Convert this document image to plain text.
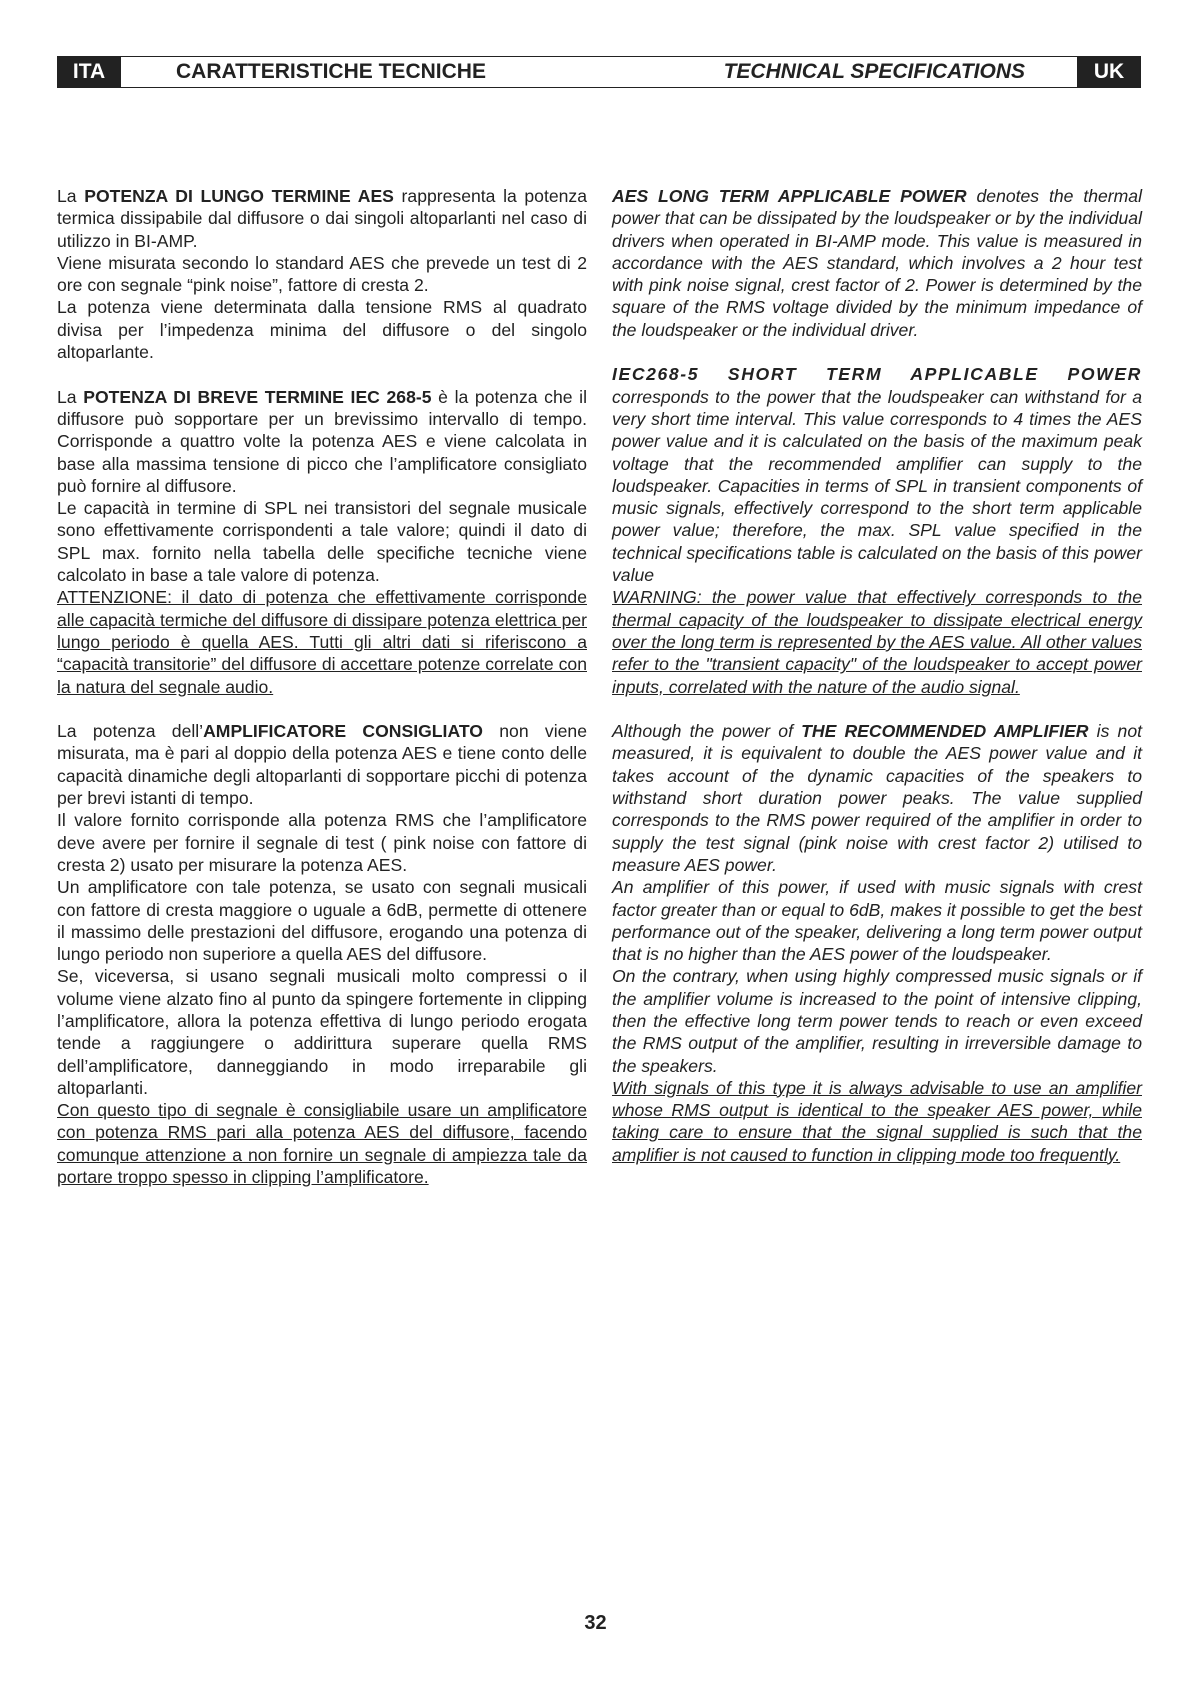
ITA	CARATTERISTICHE TECNICHE	TECHNICAL SPECIFICATIONS	UK

La POTENZA DI LUNGO TERMINE AES rappresenta la potenza termica dissipabile dal diffusore o dai singoli altoparlanti nel caso di utilizzo in BI-AMP.

Viene misurata secondo lo standard AES che prevede un test di 2 ore con segnale “pink noise”, fattore di cresta 2.

La potenza viene determinata dalla tensione RMS al quadrato divisa per l’impedenza minima del diffusore o del singolo altoparlante.

La POTENZA DI BREVE TERMINE IEC 268-5 è la potenza che il diffusore può sopportare per un brevissimo intervallo di tempo. Corrisponde a quattro volte la potenza AES e viene calcolata in base alla massima tensione di picco che l’amplificatore consigliato può fornire al diffusore.

Le capacità in termine di SPL nei transistori del segnale musicale sono effettivamente corrispondenti a tale valore; quindi il dato di SPL max. fornito nella tabella delle specifiche tecniche viene calcolato in base a tale valore di potenza.

ATTENZIONE: il dato di potenza che effettivamente corrisponde alle capacità termiche del diffusore di dissipare potenza elettrica per lungo periodo è quella AES. Tutti gli altri dati si riferiscono a “capacità transitorie” del diffusore di accettare potenze correlate con la natura del segnale audio.

La potenza dell’AMPLIFICATORE CONSIGLIATO non viene misurata, ma è pari al doppio della potenza AES e tiene conto delle capacità dinamiche degli altoparlanti di sopportare picchi di potenza per brevi istanti di tempo.

Il valore fornito corrisponde alla potenza RMS che l’amplificatore deve avere per fornire il segnale di test ( pink noise con fattore di cresta 2) usato per misurare la potenza AES.

Un amplificatore con tale potenza, se usato con segnali musicali con fattore di cresta maggiore o uguale a 6dB, permette di ottenere il massimo delle prestazioni del diffusore, erogando una potenza di lungo periodo non superiore a quella AES del diffusore.

Se, viceversa, si usano segnali musicali molto compressi o il volume viene alzato fino al punto da spingere fortemente in clipping l’amplificatore, allora la potenza effettiva di lungo periodo erogata tende a raggiungere o addirittura superare quella RMS dell’amplificatore, danneggiando in modo irreparabile gli altoparlanti.

Con questo tipo di segnale è consigliabile usare un amplificatore con potenza RMS pari alla potenza AES del diffusore, facendo comunque attenzione a non fornire un segnale di ampiezza tale da portare troppo spesso in clipping l’amplificatore.

AES LONG TERM APPLICABLE POWER denotes the thermal power that can be dissipated by the loudspeaker or by the individual drivers when operated in BI-AMP mode. This value is measured in accordance with the AES standard, which involves a 2 hour test with pink noise signal, crest factor of 2. Power is determined by the square of the RMS voltage divided by the minimum impedance of the loudspeaker or the individual driver.

IEC268-5 SHORT TERM APPLICABLE POWER corresponds to the power that the loudspeaker can withstand for a very short time interval. This value corresponds to 4 times the AES power value and it is calculated on the basis of the maximum peak voltage that the recommended amplifier can supply to the loudspeaker. Capacities in terms of SPL in transient components of music signals, effectively correspond to the short term applicable power value; therefore, the max. SPL value specified in the technical specifications table is calculated on the basis of this power value

WARNING: the power value that effectively corresponds to the thermal capacity of the loudspeaker to dissipate electrical energy over the long term is represented by the AES value. All other values refer to the "transient capacity" of the loudspeaker to accept power inputs, correlated with the nature of the audio signal.

Although the power of THE RECOMMENDED AMPLIFIER is not measured, it is equivalent to double the AES power value and it takes account of the dynamic capacities of the speakers to withstand short duration power peaks. The value supplied corresponds to the RMS power required of the amplifier in order to supply the test signal (pink noise with crest factor 2) utilised to measure AES power.

An amplifier of this power, if used with music signals with crest factor greater than or equal to 6dB, makes it possible to get the best performance out of the speaker, delivering a long term power output that is no higher than the AES power of the loudspeaker.

On the contrary, when using highly compressed music signals or if the amplifier volume is increased to the point of intensive clipping, then the effective long term power tends to reach or even exceed the RMS output of the amplifier, resulting in irreversible damage to the speakers.

With signals of this type it is always advisable to use an amplifier whose RMS output is identical to the speaker AES power, while taking care to ensure that the signal supplied is such that the amplifier is not caused to function in clipping mode too frequently.

32
